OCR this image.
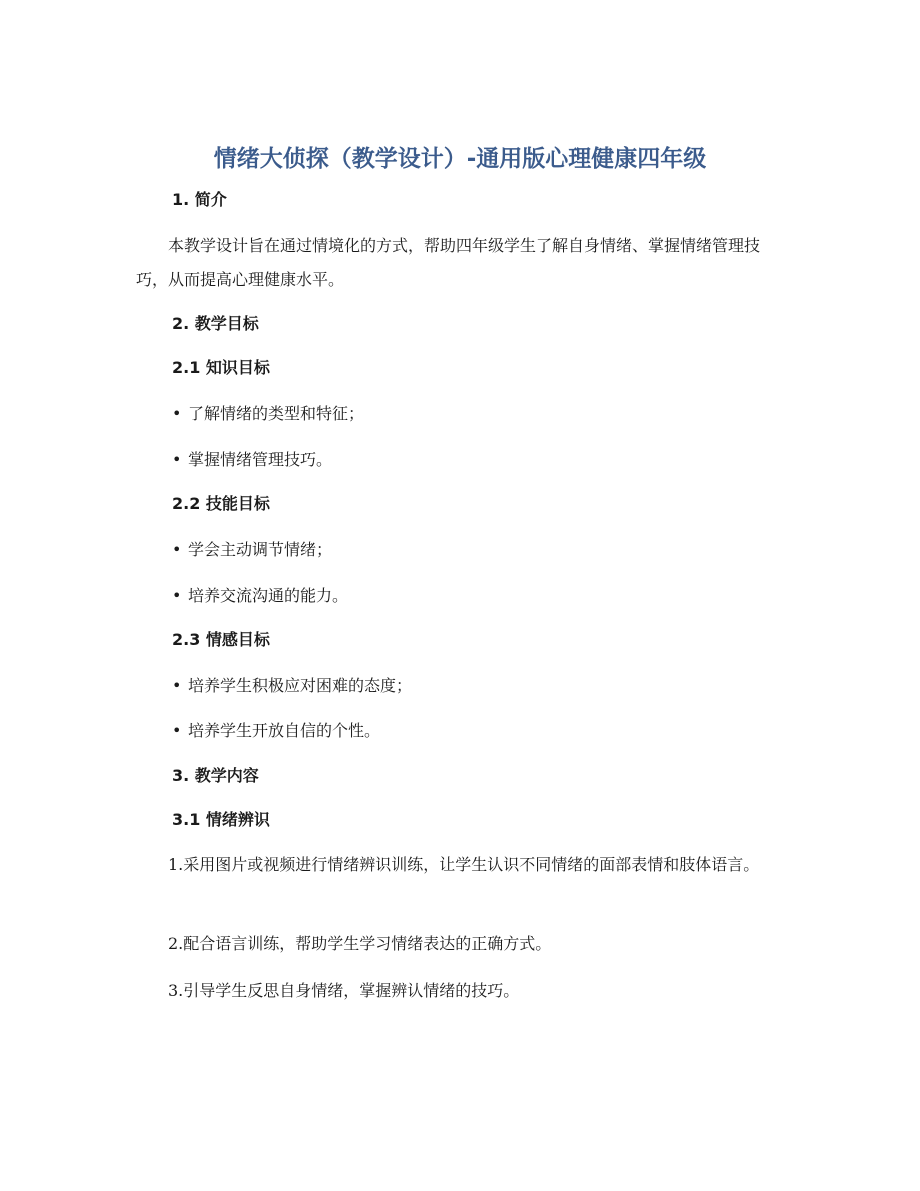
情绪大侦探（教学设计）-通用版心理健康四年级
1. 简介
本教学设计旨在通过情境化的方式，帮助四年级学生了解自身情绪、掌握情绪管理技巧，从而提高心理健康水平。
2. 教学目标
2.1 知识目标
• 了解情绪的类型和特征；
• 掌握情绪管理技巧。
2.2 技能目标
• 学会主动调节情绪；
• 培养交流沟通的能力。
2.3 情感目标
• 培养学生积极应对困难的态度；
• 培养学生开放自信的个性。
3. 教学内容
3.1 情绪辨识
1.采用图片或视频进行情绪辨识训练，让学生认识不同情绪的面部表情和肢体语言。
2.配合语言训练，帮助学生学习情绪表达的正确方式。
3.引导学生反思自身情绪，掌握辨认情绪的技巧。
